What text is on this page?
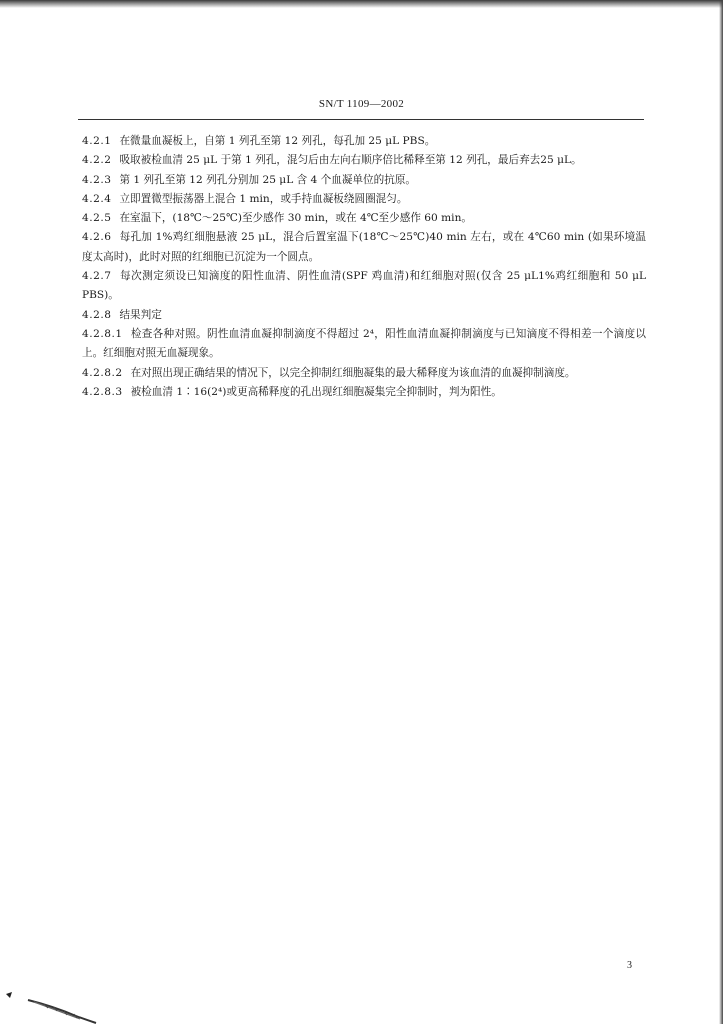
SN/T 1109—2002

4.2.1 在微量血凝板上，自第 1 列孔至第 12 列孔，每孔加 25 μL PBS。

4.2.2 吸取被检血清 25 μL 于第 1 列孔，混匀后由左向右顺序倍比稀释至第 12 列孔，最后弃去25 μL。

4.2.3 第 1 列孔至第 12 列孔分别加 25 μL 含 4 个血凝单位的抗原。

4.2.4 立即置微型振荡器上混合 1 min，或手持血凝板绕圆圈混匀。

4.2.5 在室温下，(18℃～25℃)至少感作 30 min，或在 4℃至少感作 60 min。

4.2.6 每孔加 1%鸡红细胞悬液 25 μL，混合后置室温下(18℃～25℃)40 min 左右，或在 4℃60 min (如果环境温度太高时)，此时对照的红细胞已沉淀为一个圆点。

4.2.7 每次测定须设已知滴度的阳性血清、阴性血清(SPF 鸡血清)和红细胞对照(仅含 25 μL1%鸡红细胞和 50 μL PBS)。

4.2.8 结果判定

4.2.8.1 检查各种对照。阴性血清血凝抑制滴度不得超过 2⁴，阳性血清血凝抑制滴度与已知滴度不得相差一个滴度以上。红细胞对照无血凝现象。

4.2.8.2 在对照出现正确结果的情况下，以完全抑制红细胞凝集的最大稀释度为该血清的血凝抑制滴度。

4.2.8.3 被检血清 1∶16(2⁴)或更高稀释度的孔出现红细胞凝集完全抑制时，判为阳性。

3
